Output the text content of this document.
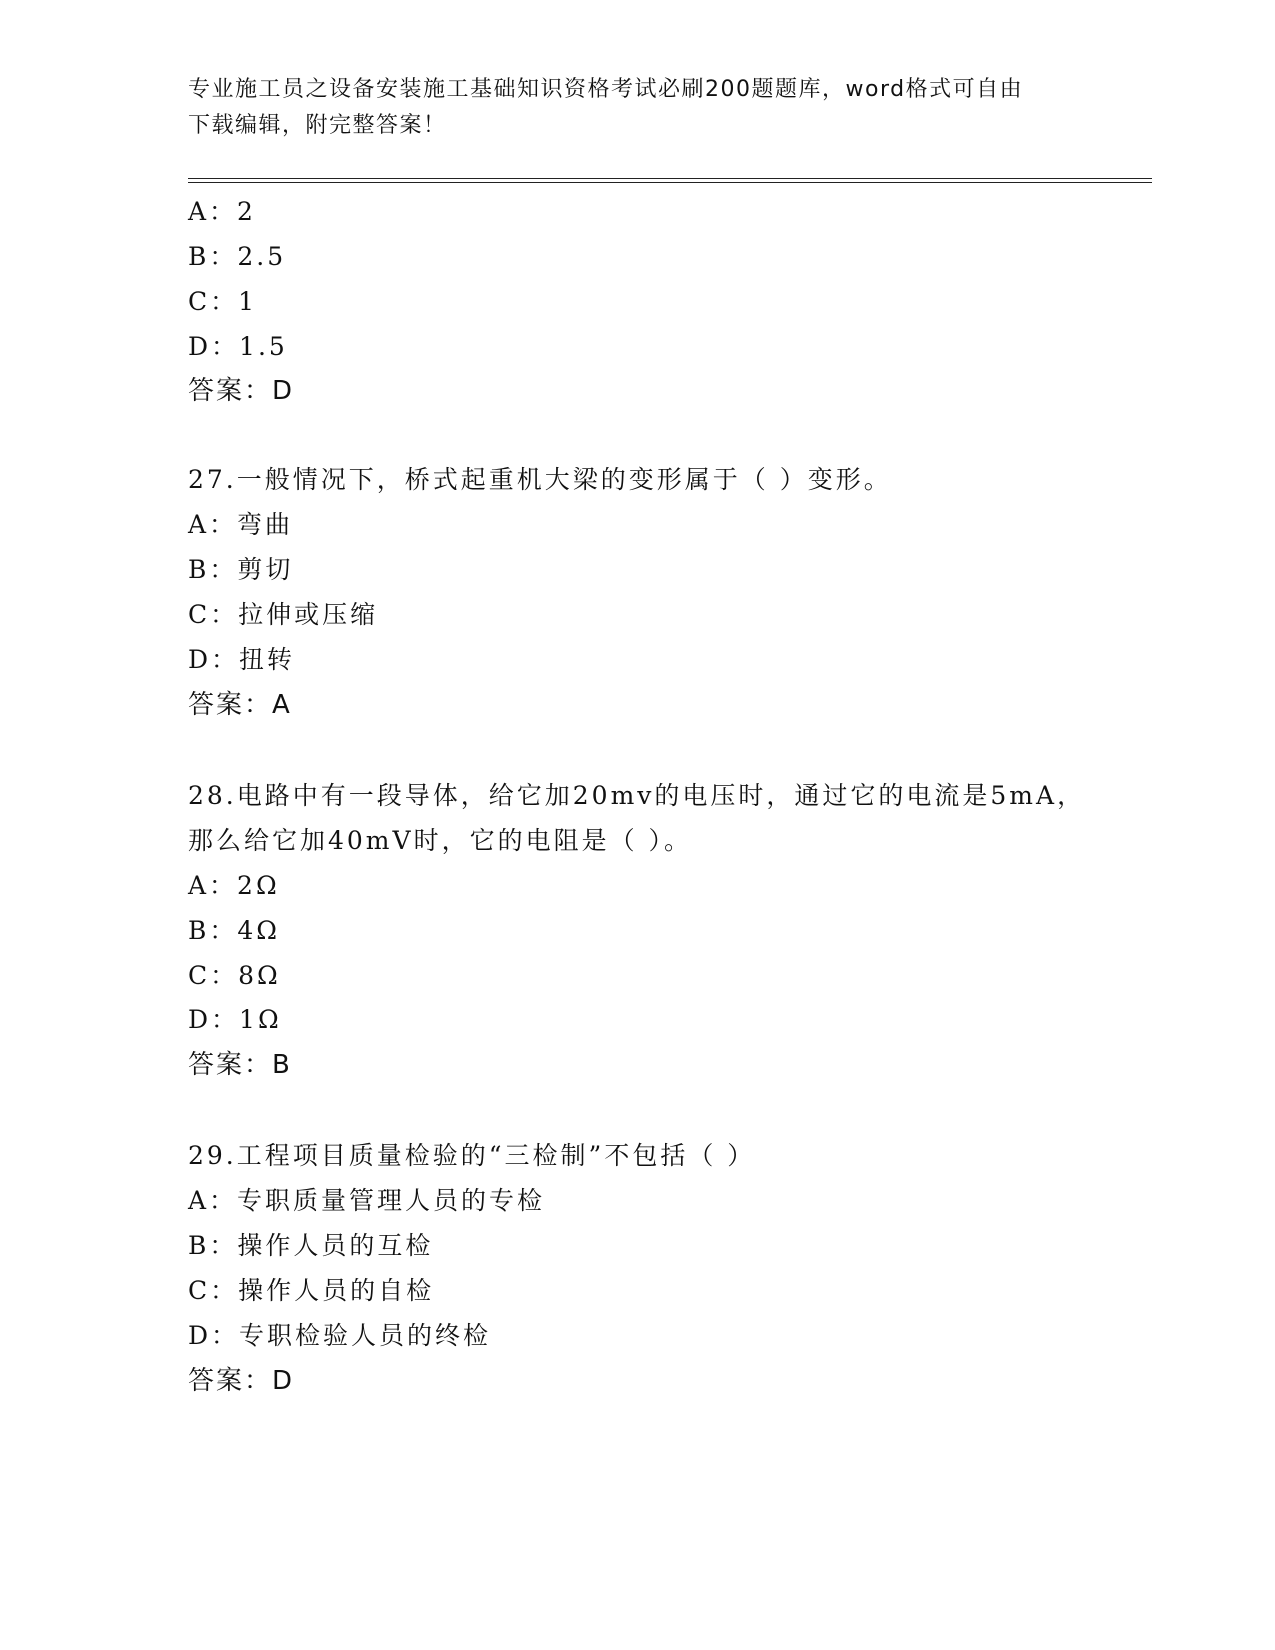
专业施工员之设备安装施工基础知识资格考试必刷200题题库，word格式可自由
下载编辑，附完整答案！
A：2
B：2.5
C：1
D：1.5
答案：D
27.一般情况下，桥式起重机大梁的变形属于（ ）变形。
A：弯曲
B：剪切
C：拉伸或压缩
D：扭转
答案：A
28.电路中有一段导体，给它加20mv的电压时，通过它的电流是5mA，
那么给它加40mV时，它的电阻是（ ）。
A：2Ω
B：4Ω
C：8Ω
D：1Ω
答案：B
29.工程项目质量检验的“三检制”不包括（ ）
A：专职质量管理人员的专检
B：操作人员的互检
C：操作人员的自检
D：专职检验人员的终检
答案：D
